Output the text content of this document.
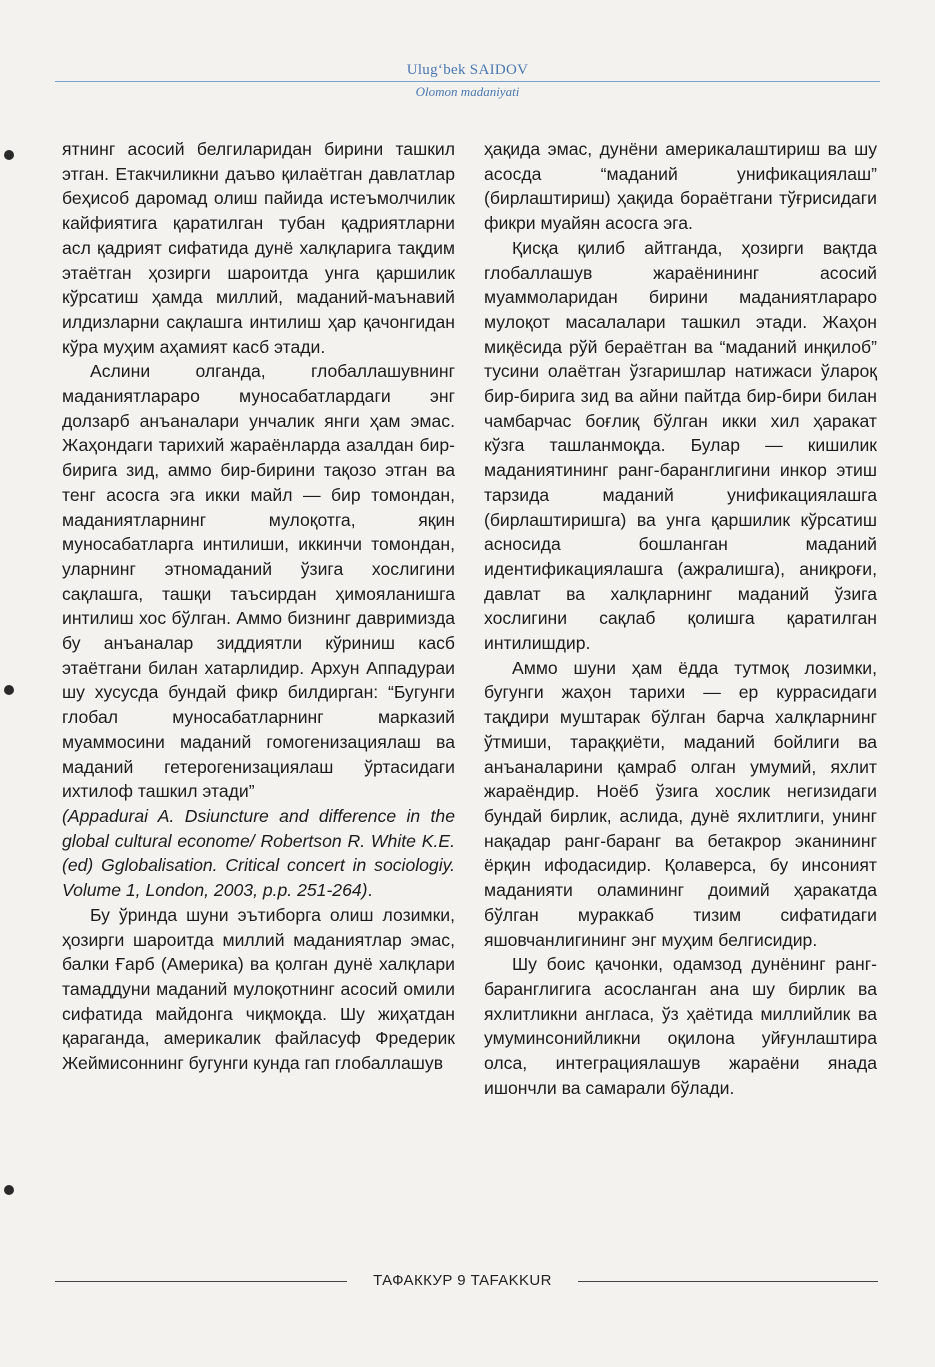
Ulug‘bek SAIDOV
Olomon madaniyati

ятнинг асосий белгиларидан бирини ташкил этган. Етакчиликни даъво қилаётган давлатлар беҳисоб даромад олиш пайида истеъмолчилик кайфиятига қаратилган тубан қадриятларни асл қадрият сифатида дунё халқларига тақдим этаётган ҳозирги шароитда унга қаршилик кўрсатиш ҳамда миллий, маданий-маънавий илдизларни сақлашга интилиш ҳар қачонгидан кўра муҳим аҳамият касб этади.

Аслини олганда, глобаллашувнинг маданиятлараро муносабатлардаги энг долзарб анъаналари унчалик янги ҳам эмас. Жаҳондаги тарихий жараёнларда азалдан бир-бирига зид, аммо бир-бирини тақозо этган ва тенг асосга эга икки майл — бир томондан, маданиятларнинг мулоқотга, яқин муносабатларга интилиши, иккинчи томондан, уларнинг этномаданий ўзига хослигини сақлашга, ташқи таъсирдан ҳимояланишга интилиш хос бўлган. Аммо бизнинг давримизда бу анъаналар зиддиятли кўриниш касб этаётгани билан хатарлидир. Архун Аппадураи шу хусусда бундай фикр билдирган: “Бугунги глобал муносабатларнинг марказий муаммосини маданий гомогенизациялаш ва маданий гетерогенизациялаш ўртасидаги ихтилоф ташкил этади”

(Appadurai A. Dsiuncture and difference in the global cultural economе/ Robertson R. White K.E. (ed) Gglobalisation. Critical concert in sociologiy. Volume 1, London, 2003, p.p. 251-264).

Бу ўринда шуни эътиборга олиш лозимки, ҳозирги шароитда миллий маданиятлар эмас, балки Ғарб (Америка) ва қолган дунё халқлари тамаддуни маданий мулоқотнинг асосий омили сифатида майдонга чиқмоқда. Шу жиҳатдан қараганда, америкалик файласуф Фредерик Жеймисоннинг бугунги кунда гап глобаллашув

ҳақида эмас, дунёни америкалаштириш ва шу асосда “маданий унификациялаш” (бирлаштириш) ҳақида бораётгани тўғрисидаги фикри муайян асосга эга.

Қисқа қилиб айтганда, ҳозирги вақтда глобаллашув жараёнининг асосий муаммоларидан бирини маданиятлараро мулоқот масалалари ташкил этади. Жаҳон миқёсида рўй бераётган ва “маданий инқилоб” тусини олаётган ўзгаришлар натижаси ўлароқ бир-бирига зид ва айни пайтда бир-бири билан чамбарчас боғлиқ бўлган икки хил ҳаракат кўзга ташланмоқда. Булар — кишилик маданиятининг ранг-баранглигини инкор этиш тарзида маданий унификациялашга (бирлаштиришга) ва унга қаршилик кўрсатиш асносида бошланган маданий идентификациялашга (ажралишга), аниқроғи, давлат ва халқларнинг маданий ўзига хослигини сақлаб қолишга қаратилган интилишдир.

Аммо шуни ҳам ёдда тутмоқ лозимки, бугунги жаҳон тарихи — ер куррасидаги тақдири муштарак бўлган барча халқларнинг ўтмиши, тараққиёти, маданий бойлиги ва анъаналарини қамраб олган умумий, яхлит жараёндир. Ноёб ўзига хослик негизидаги бундай бирлик, аслида, дунё яхлитлиги, унинг нақадар ранг-баранг ва бетакрор эканининг ёрқин ифодасидир. Қолаверса, бу инсоният маданияти оламининг доимий ҳаракатда бўлган мураккаб тизим сифатидаги яшовчанлигининг энг муҳим белгисидир.

Шу боис қачонки, одамзод дунёнинг ранг-баранглигига асосланган ана шу бирлик ва яхлитликни англаса, ўз ҳаётида миллийлик ва умуминсонийликни оқилона уйғунлаштира олса, интеграциялашув жараёни янада ишончли ва самарали бўлади.

ТАФАККУР 9 TAFAKKUR
